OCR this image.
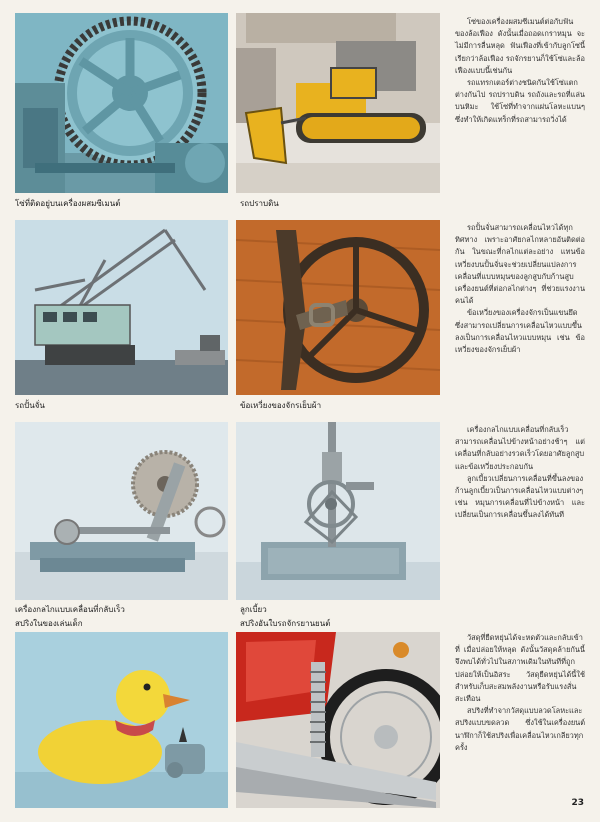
โซ่ที่ติดอยู่บนเครื่องผสมซีเมนต์	รถปราบดิน
รถปั้นจั่น	ข้อเหวี่ยงของจักรเย็บผ้า
เครื่องกลไกแบบเคลื่อนที่กลับเร็ว
สปริงในของเล่นเด็ก
ลูกเบี้ยว
สปริงอันใบรถจักรยานยนต์

โซ่ของเครื่องผสมซีเมนต์ต่อกับฟันของล้อเฟือง ดังนั้นเมื่อถอดเกราหมุน จะไม่มีการลื่นหลุด ฟันเฟืองที่เข้ากับลูกโซ่นี้เรียกว่าล้อเฟือง รถจักรยานก็ใช้โซ่และล้อเฟืองแบบนี้เช่นกัน

รถแทรกเตอร์ต่างชนิดกันใช้โซ่แตกต่างกันไป รถปราบดิน รถถังและรถที่แล่นบนหิมะ ใช้โซ่ที่ทำจากแผ่นโลหะแบนๆ ซึ่งทำให้เกิดแทร็กที่รถสามารถวิ่งได้

รถปั้นจั่นสามารถเคลื่อนไหวได้ทุกทิศทาง เพราะอาศัยกลไกหลายอันติดต่อกัน ในขณะที่กลไกแต่ละอย่าง แทนข้อเหวี่ยงบนปั้นจั่นจะช่วยเปลี่ยนแปลงการเคลื่อนที่แบบหมุนของลูกสูบกับก้านสูบ เครื่องยนต์ที่ต่อกลไกต่างๆ ที่ช่วยแรงงานคนได้

ข้อเหวี่ยงของเครื่องจักรเป็นแขนยึดซึ่งสามารถเปลี่ยนการเคลื่อนไหวแบบขึ้นลงเป็นการเคลื่อนไหวแบบหมุน เช่น ข้อเหวี่ยงของจักรเย็บผ้า

เครื่องกลไกแบบเคลื่อนที่กลับเร็วสามารถเคลื่อนไปข้างหน้าอย่างช้าๆ แต่เคลื่อนที่กลับอย่างรวดเร็วโดยอาศัยลูกสูบและข้อเหวี่ยงประกอบกัน

ลูกเบี้ยวเปลี่ยนการเคลื่อนที่ขึ้นลงของก้านลูกเบี้ยวเป็นการเคลื่อนไหวแบบต่างๆ เช่น หมุนการเคลื่อนที่ไปข้างหน้า และเปลี่ยนเป็นการเคลื่อนขึ้นลงได้ทันที

วัสดุที่ยืดหยุ่นได้จะหดตัวและกลับเข้าที่ เมื่อปล่อยให้หลุด ดังนั้นวัสดุคล้ายกันนี้จึงพบได้ทั่วไปในสภาพเดิมในทันทีที่ถูกปล่อยให้เป็นอิสระ วัสดุยืดหยุ่นได้นี้ใช้สำหรับเก็บสะสมพลังงานหรือรับแรงสั่นสะเทือน

สปริงที่ทำจากวัสดุแบบลวดโลหะและสปริงแบบขดลวด ซึ่งใช้ในเครื่องยนต์ นาฬิกาก็ใช้สปริงเพื่อเคลื่อนไหวเกลียวทุกครั้ง

23
